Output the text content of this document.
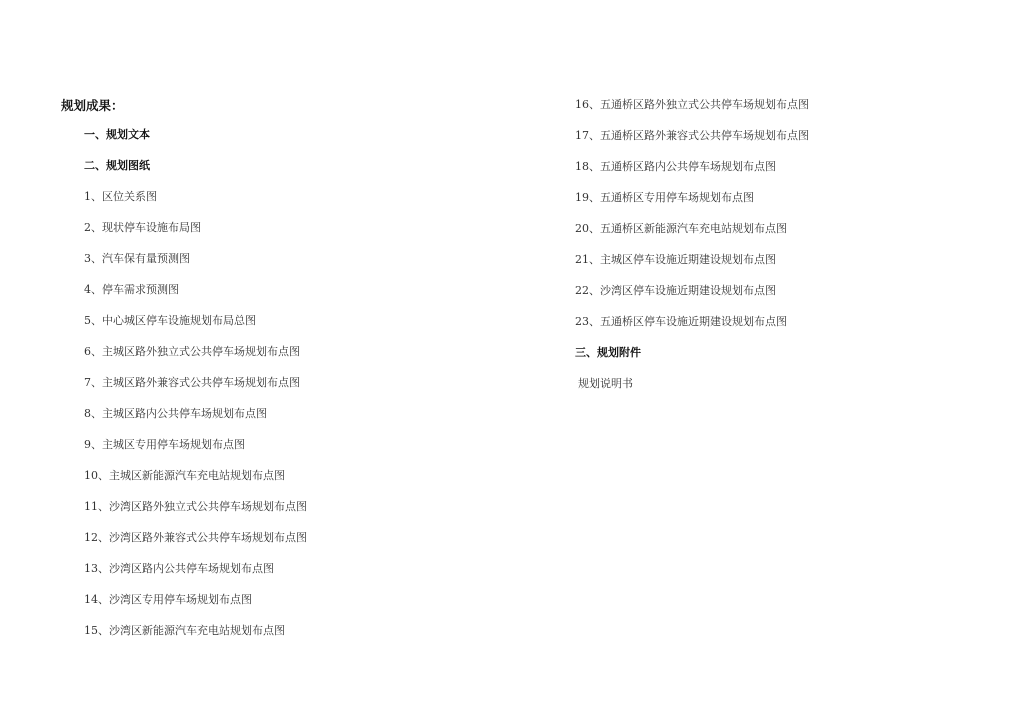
规划成果：
一、规划文本
二、规划图纸
1、区位关系图
2、现状停车设施布局图
3、汽车保有量预测图
4、停车需求预测图
5、中心城区停车设施规划布局总图
6、主城区路外独立式公共停车场规划布点图
7、主城区路外兼容式公共停车场规划布点图
8、主城区路内公共停车场规划布点图
9、主城区专用停车场规划布点图
10、主城区新能源汽车充电站规划布点图
11、沙湾区路外独立式公共停车场规划布点图
12、沙湾区路外兼容式公共停车场规划布点图
13、沙湾区路内公共停车场规划布点图
14、沙湾区专用停车场规划布点图
15、沙湾区新能源汽车充电站规划布点图
16、五通桥区路外独立式公共停车场规划布点图
17、五通桥区路外兼容式公共停车场规划布点图
18、五通桥区路内公共停车场规划布点图
19、五通桥区专用停车场规划布点图
20、五通桥区新能源汽车充电站规划布点图
21、主城区停车设施近期建设规划布点图
22、沙湾区停车设施近期建设规划布点图
23、五通桥区停车设施近期建设规划布点图
三、规划附件
规划说明书
